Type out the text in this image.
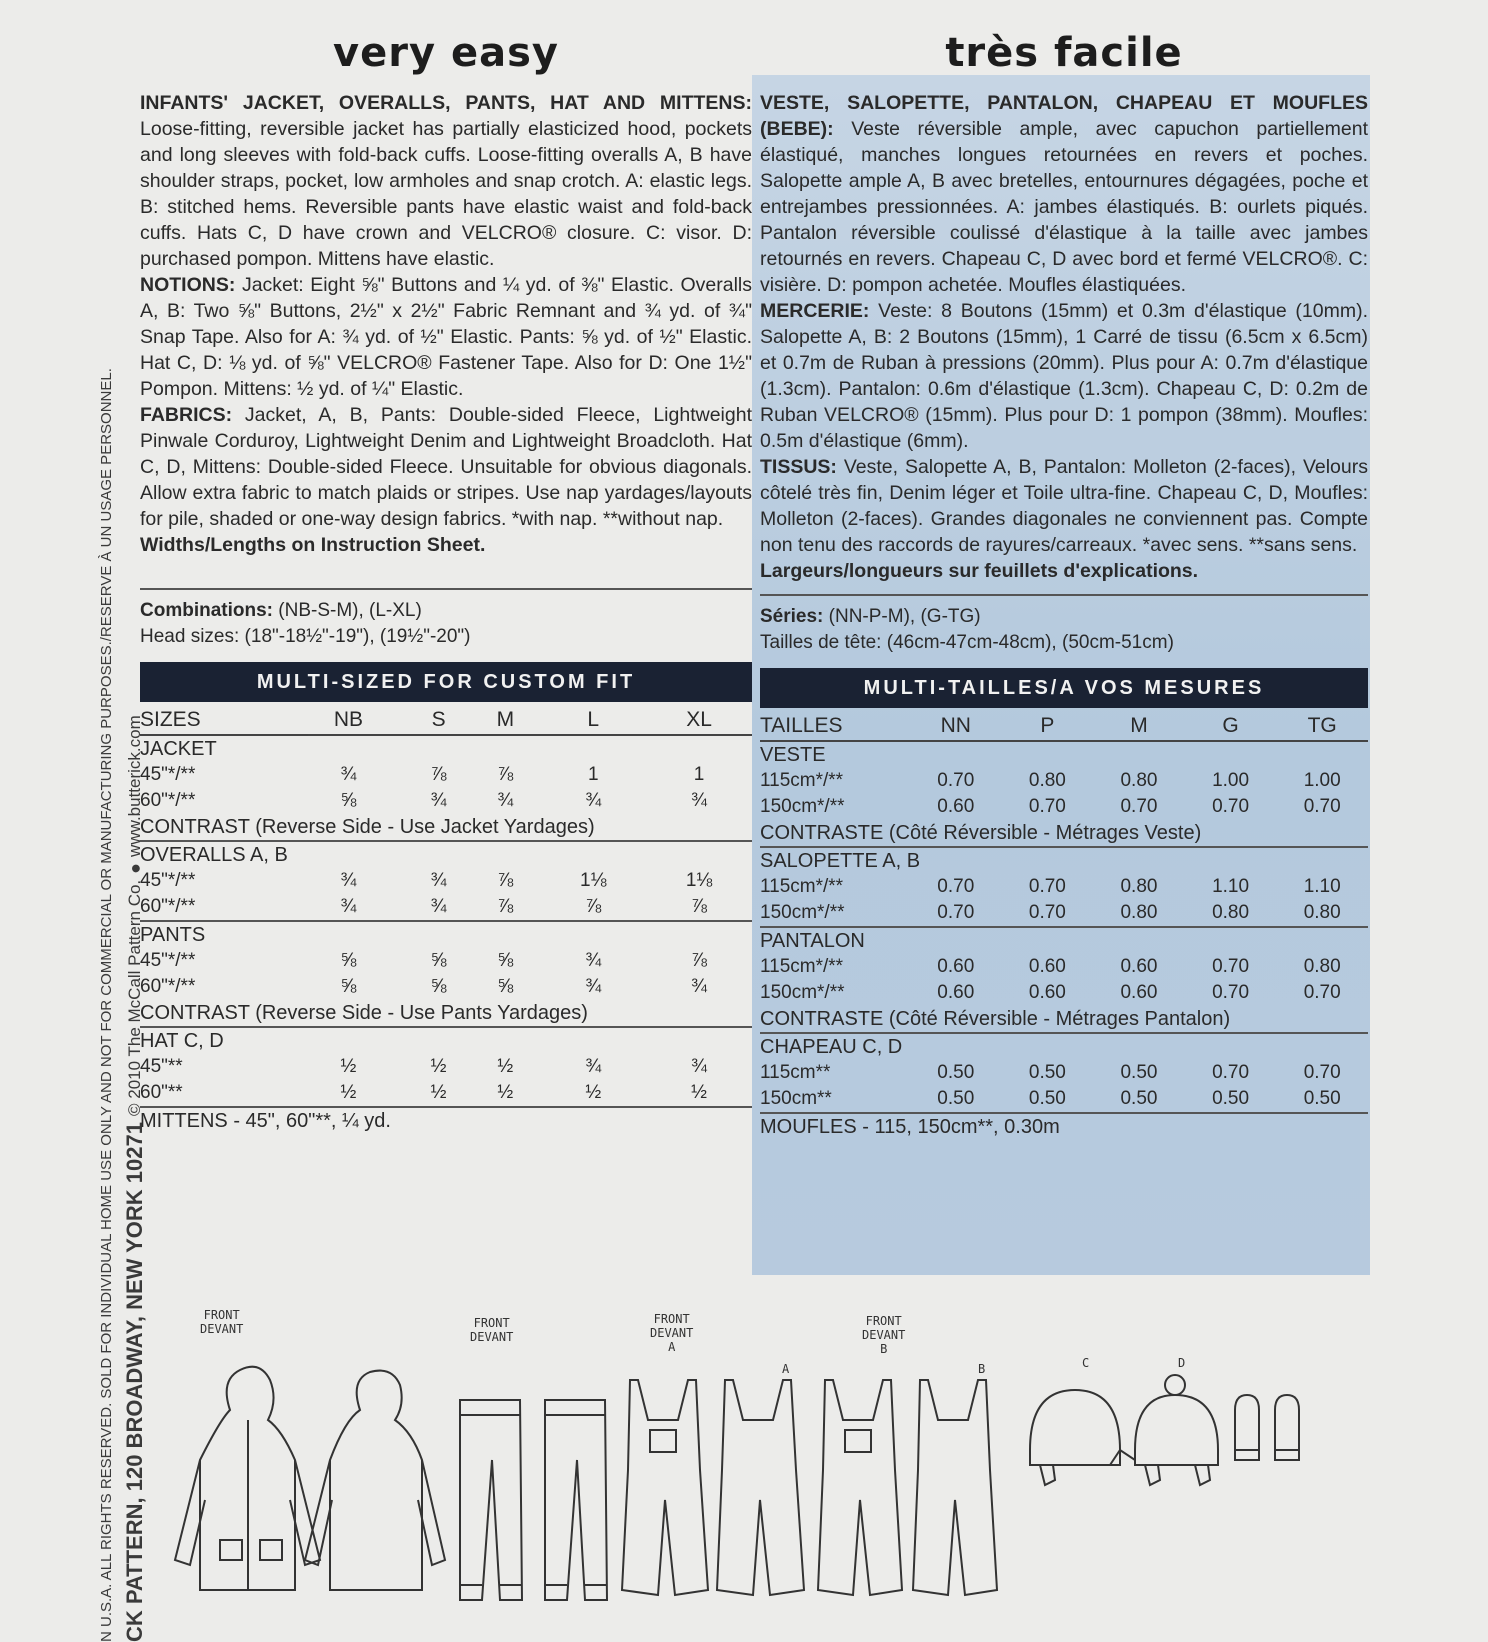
CK PATTERN, 120 BROADWAY, NEW YORK 10271
© 2010 The McCall Pattern Co.
●
www.butterick.com
N U.S.A. ALL RIGHTS RESERVED. SOLD FOR INDIVIDUAL HOME USE ONLY AND NOT FOR COMMERCIAL OR MANUFACTURING PURPOSES./RESERVE À UN USAGE PERSONNEL.
very easy

INFANTS' JACKET, OVERALLS, PANTS, HAT AND MITTENS: Loose-fitting, reversible jacket has partially elasticized hood, pockets and long sleeves with fold-back cuffs. Loose-fitting overalls A, B have shoulder straps, pocket, low armholes and snap crotch. A: elastic legs. B: stitched hems. Reversible pants have elastic waist and fold-back cuffs. Hats C, D have crown and VELCRO® closure. C: visor. D: purchased pompon. Mittens have elastic.

NOTIONS: Jacket: Eight ⅝" Buttons and ¼ yd. of ⅜" Elastic. Overalls A, B: Two ⅝" Buttons, 2½" x 2½" Fabric Remnant and ¾ yd. of ¾" Snap Tape. Also for A: ¾ yd. of ½" Elastic. Pants: ⅝ yd. of ½" Elastic. Hat C, D: ⅛ yd. of ⅝" VELCRO® Fastener Tape. Also for D: One 1½" Pompon. Mittens: ½ yd. of ¼" Elastic.

FABRICS: Jacket, A, B, Pants: Double-sided Fleece, Lightweight Pinwale Corduroy, Lightweight Denim and Lightweight Broadcloth. Hat C, D, Mittens: Double-sided Fleece. Unsuitable for obvious diagonals. Allow extra fabric to match plaids or stripes. Use nap yardages/layouts for pile, shaded or one-way design fabrics. *with nap. **without nap.

Widths/Lengths on Instruction Sheet.

Combinations: (NB-S-M), (L-XL)
Head sizes: (18"-18½"-19"), (19½"-20")
MULTI-SIZED FOR CUSTOM FIT
SIZES	NB	S	M	L	XL
JACKET					
45"*/**	¾	⅞	⅞	1	1
60"*/**	⅝	¾	¾	¾	¾
CONTRAST (Reverse Side - Use Jacket Yardages)					
OVERALLS A, B					
45"*/**	¾	¾	⅞	1⅛	1⅛
60"*/**	¾	¾	⅞	⅞	⅞
PANTS					
45"*/**	⅝	⅝	⅝	¾	⅞
60"*/**	⅝	⅝	⅝	¾	¾
CONTRAST (Reverse Side - Use Pants Yardages)					
HAT C, D					
45"**	½	½	½	¾	¾
60"**	½	½	½	½	½
MITTENS - 45", 60"**, ¼ yd.					
très facile

VESTE, SALOPETTE, PANTALON, CHAPEAU ET MOUFLES (BEBE): Veste réversible ample, avec capuchon partiellement élastiqué, manches longues retournées en revers et poches. Salopette ample A, B avec bretelles, entournures dégagées, poche et entrejambes pressionnées. A: jambes élastiqués. B: ourlets piqués. Pantalon réversible coulissé d'élastique à la taille avec jambes retournés en revers. Chapeau C, D avec bord et fermé VELCRO®. C: visière. D: pompon achetée. Moufles élastiquées.

MERCERIE: Veste: 8 Boutons (15mm) et 0.3m d'élastique (10mm). Salopette A, B: 2 Boutons (15mm), 1 Carré de tissu (6.5cm x 6.5cm) et 0.7m de Ruban à pressions (20mm). Plus pour A: 0.7m d'élastique (1.3cm). Pantalon: 0.6m d'élastique (1.3cm). Chapeau C, D: 0.2m de Ruban VELCRO® (15mm). Plus pour D: 1 pompon (38mm). Moufles: 0.5m d'élastique (6mm).

TISSUS: Veste, Salopette A, B, Pantalon: Molleton (2-faces), Velours côtelé très fin, Denim léger et Toile ultra-fine. Chapeau C, D, Moufles: Molleton (2-faces). Grandes diagonales ne conviennent pas. Compte non tenu des raccords de rayures/carreaux. *avec sens. **sans sens.

Largeurs/longueurs sur feuillets d'explications.

Séries: (NN-P-M), (G-TG)
Tailles de tête: (46cm-47cm-48cm), (50cm-51cm)
MULTI-TAILLES/A VOS MESURES
TAILLES	NN	P	M	G	TG
VESTE					
115cm*/**	0.70	0.80	0.80	1.00	1.00
150cm*/**	0.60	0.70	0.70	0.70	0.70
CONTRASTE (Côté Réversible - Métrages Veste)					
SALOPETTE A, B					
115cm*/**	0.70	0.70	0.80	1.10	1.10
150cm*/**	0.70	0.70	0.80	0.80	0.80
PANTALON					
115cm*/**	0.60	0.60	0.60	0.70	0.80
150cm*/**	0.60	0.60	0.60	0.70	0.70
CONTRASTE (Côté Réversible - Métrages Pantalon)					
CHAPEAU C, D					
115cm**	0.50	0.50	0.50	0.70	0.70
150cm**	0.50	0.50	0.50	0.50	0.50
MOUFLES - 115, 150cm**, 0.30m					
FRONT
DEVANT	FRONT
DEVANT
FRONT
DEVANT
A
A
FRONT
DEVANT
B
B	C	D
